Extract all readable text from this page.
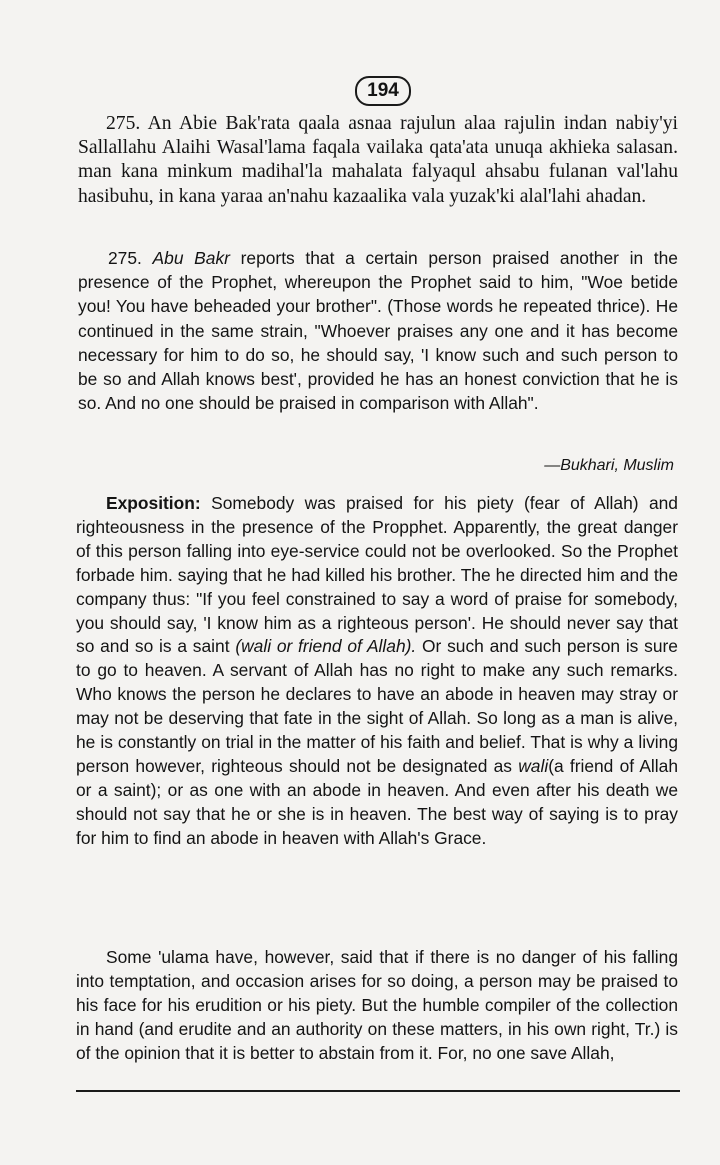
194

275. An Abie Bak'rata qaala asnaa rajulun alaa rajulin indan nabiy'yi Sallallahu Alaihi Wasal'lama faqala vailaka qata'ata unuqa akhieka salasan. man kana minkum madihal'la mahalata falyaqul ahsabu fulanan val'lahu hasibuhu, in kana yaraa an'nahu kazaalika vala yuzak'ki alal'lahi ahadan.

275. Abu Bakr reports that a certain person praised another in the presence of the Prophet, whereupon the Prophet said to him, "Woe betide you! You have beheaded your brother". (Those words he repeated thrice). He continued in the same strain, "Whoever praises any one and it has become necessary for him to do so, he should say, 'I know such and such person to be so and Allah knows best', provided he has an honest conviction that he is so. And no one should be praised in comparison with Allah".

—Bukhari, Muslim

Exposition: Somebody was praised for his piety (fear of Allah) and righteousness in the presence of the Propphet. Apparently, the great danger of this person falling into eye-service could not be overlooked. So the Prophet forbade him. saying that he had killed his brother. The he directed him and the company thus: "If you feel constrained to say a word of praise for somebody, you should say, 'I know him as a righteous person'. He should never say that so and so is a saint (wali or friend of Allah). Or such and such person is sure to go to heaven. A servant of Allah has no right to make any such remarks. Who knows the person he declares to have an abode in heaven may stray or may not be deserving that fate in the sight of Allah. So long as a man is alive, he is constantly on trial in the matter of his faith and belief. That is why a living person however, righteous should not be designated as wali(a friend of Allah or a saint); or as one with an abode in heaven. And even after his death we should not say that he or she is in heaven. The best way of saying is to pray for him to find an abode in heaven with Allah's Grace.

Some 'ulama have, however, said that if there is no danger of his falling into temptation, and occasion arises for so doing, a person may be praised to his face for his erudition or his piety. But the humble compiler of the collection in hand (and erudite and an authority on these matters, in his own right, Tr.) is of the opinion that it is better to abstain from it. For, no one save Allah,
